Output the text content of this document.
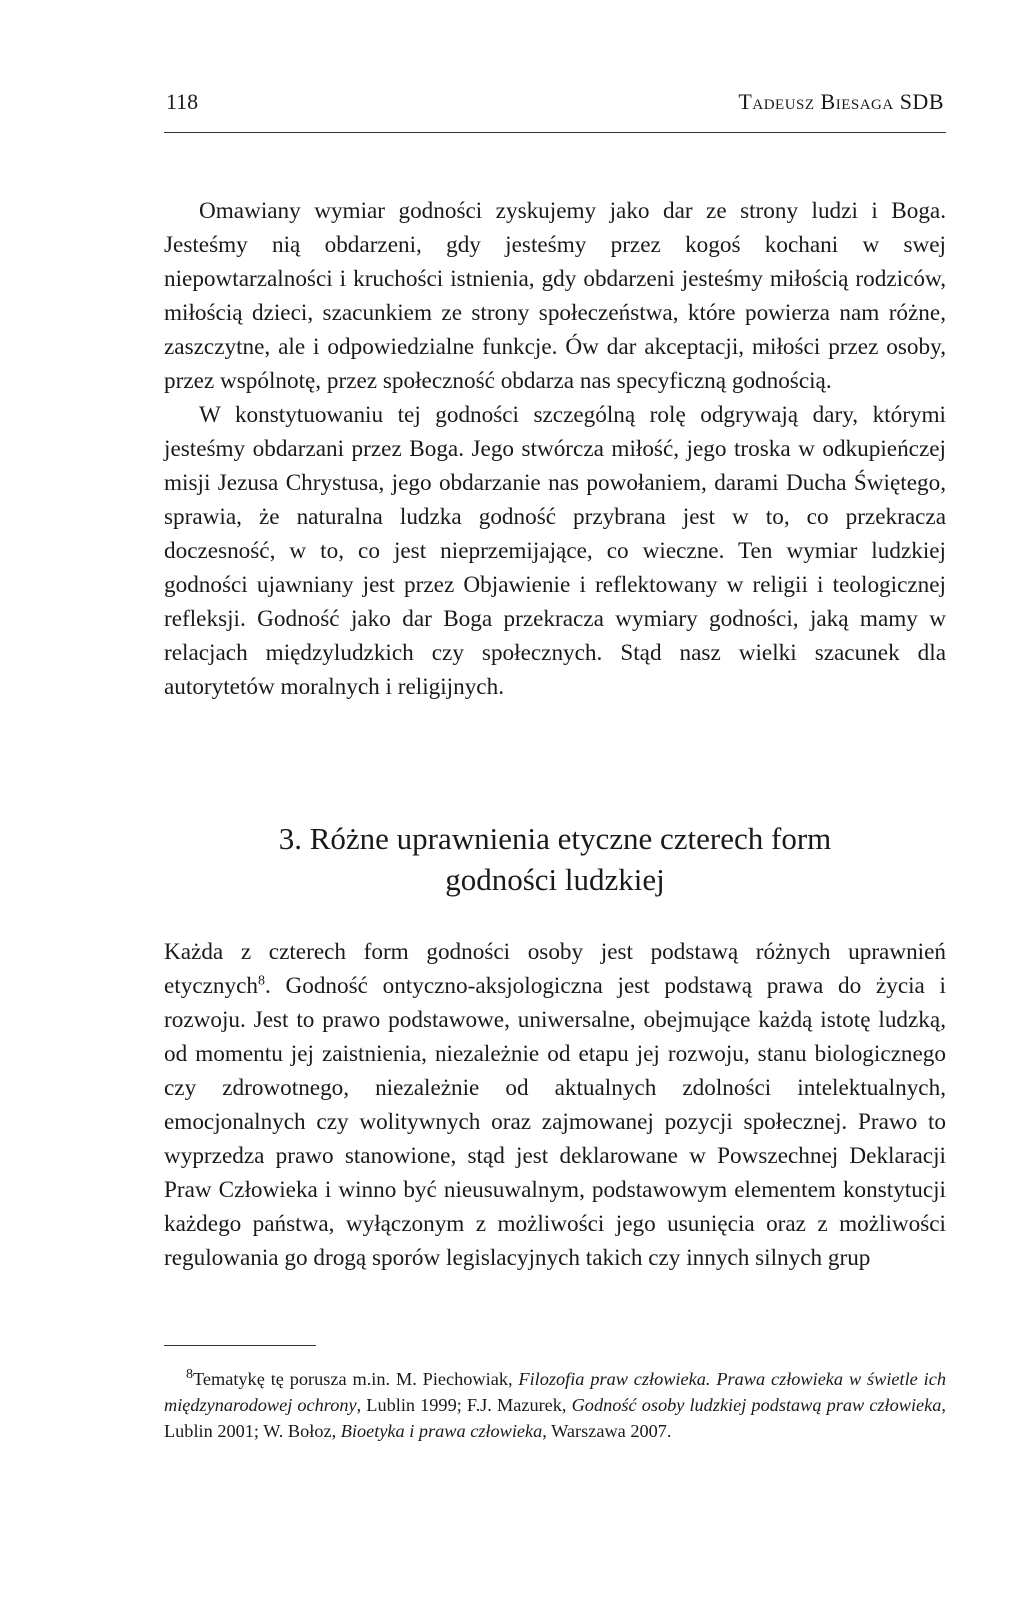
118	Tadeusz Biesaga SDB

Omawiany wymiar godności zyskujemy jako dar ze strony ludzi i Boga. Jesteśmy nią obdarzeni, gdy jesteśmy przez kogoś kochani w swej niepowtarzalności i kruchości istnienia, gdy obdarzeni jesteśmy miłością rodziców, miłością dzieci, szacunkiem ze strony społeczeństwa, które powierza nam różne, zaszczytne, ale i odpowiedzialne funkcje. Ów dar akceptacji, miłości przez osoby, przez wspólnotę, przez społeczność obdarza nas specyficzną godnością.

W konstytuowaniu tej godności szczególną rolę odgrywają dary, którymi jesteśmy obdarzani przez Boga. Jego stwórcza miłość, jego troska w odkupieńczej misji Jezusa Chrystusa, jego obdarzanie nas powołaniem, darami Ducha Świętego, sprawia, że naturalna ludzka godność przybrana jest w to, co przekracza doczesność, w to, co jest nieprzemijające, co wieczne. Ten wymiar ludzkiej godności ujawniany jest przez Objawienie i reflektowany w religii i teologicznej refleksji. Godność jako dar Boga przekracza wymiary godności, jaką mamy w relacjach międzyludzkich czy społecznych. Stąd nasz wielki szacunek dla autorytetów moralnych i religijnych.

3. Różne uprawnienia etyczne czterech form
godności ludzkiej

Każda z czterech form godności osoby jest podstawą różnych uprawnień etycznych$^8$. Godność ontyczno-aksjologiczna jest podstawą prawa do życia i rozwoju. Jest to prawo podstawowe, uniwersalne, obejmujące każdą istotę ludzką, od momentu jej zaistnienia, niezależnie od etapu jej rozwoju, stanu biologicznego czy zdrowotnego, niezależnie od aktualnych zdolności intelektualnych, emocjonalnych czy wolitywnych oraz zajmowanej pozycji społecznej. Prawo to wyprzedza prawo stanowione, stąd jest deklarowane w Powszechnej Deklaracji Praw Człowieka i winno być nieusuwalnym, podstawowym elementem konstytucji każdego państwa, wyłączonym z możliwości jego usunięcia oraz z możliwości regulowania go drogą sporów legislacyjnych takich czy innych silnych grup

$^8$Tematykę tę porusza m.in. M. Piechowiak, Filozofia praw człowieka. Prawa człowieka w świetle ich międzynarodowej ochrony, Lublin 1999; F.J. Mazurek, Godność osoby ludzkiej podstawą praw człowieka, Lublin 2001; W. Bołoz, Bioetyka i prawa człowieka, Warszawa 2007.
